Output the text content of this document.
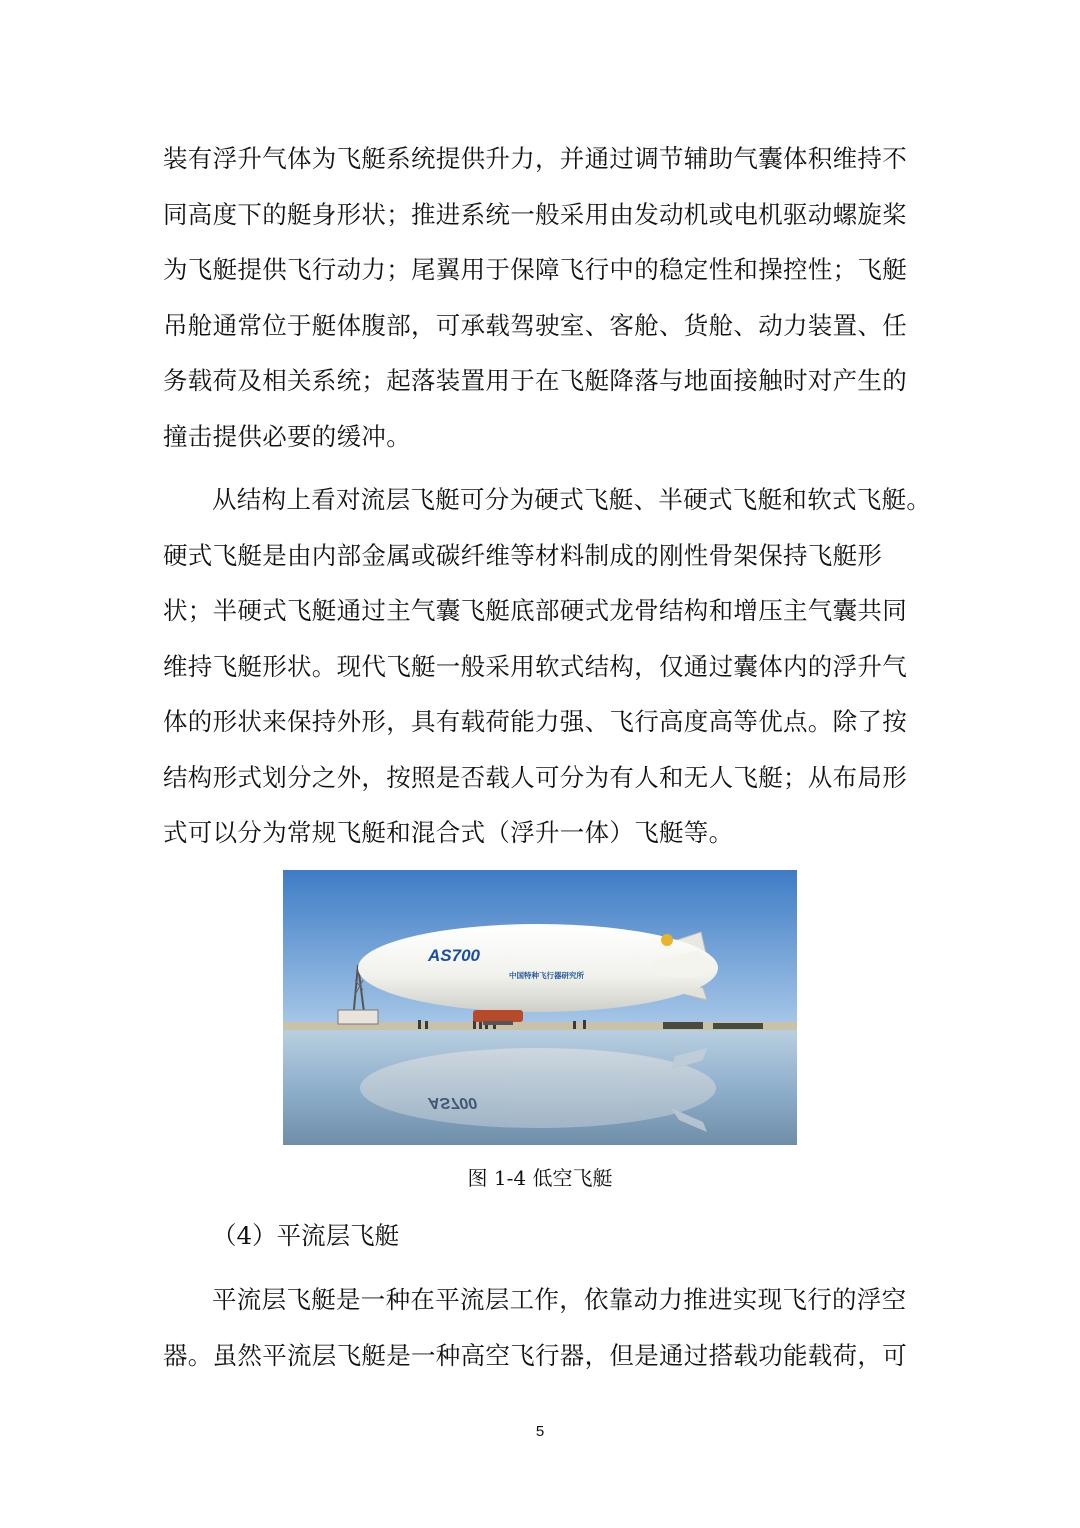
装有浮升气体为飞艇系统提供升力，并通过调节辅助气囊体积维持不
同高度下的艇身形状；推进系统一般采用由发动机或电机驱动螺旋桨
为飞艇提供飞行动力；尾翼用于保障飞行中的稳定性和操控性；飞艇
吊舱通常位于艇体腹部，可承载驾驶室、客舱、货舱、动力装置、任
务载荷及相关系统；起落装置用于在飞艇降落与地面接触时对产生的
撞击提供必要的缓冲。
从结构上看对流层飞艇可分为硬式飞艇、半硬式飞艇和软式飞艇。
硬式飞艇是由内部金属或碳纤维等材料制成的刚性骨架保持飞艇形
状；半硬式飞艇通过主气囊飞艇底部硬式龙骨结构和增压主气囊共同
维持飞艇形状。现代飞艇一般采用软式结构，仅通过囊体内的浮升气
体的形状来保持外形，具有载荷能力强、飞行高度高等优点。除了按
结构形式划分之外，按照是否载人可分为有人和无人飞艇；从布局形
式可以分为常规飞艇和混合式（浮升一体）飞艇等。
AS700
中国特种飞行器研究所
AS700
图 1-4 低空飞艇
（4）平流层飞艇
平流层飞艇是一种在平流层工作，依靠动力推进实现飞行的浮空
器。虽然平流层飞艇是一种高空飞行器，但是通过搭载功能载荷，可
5
